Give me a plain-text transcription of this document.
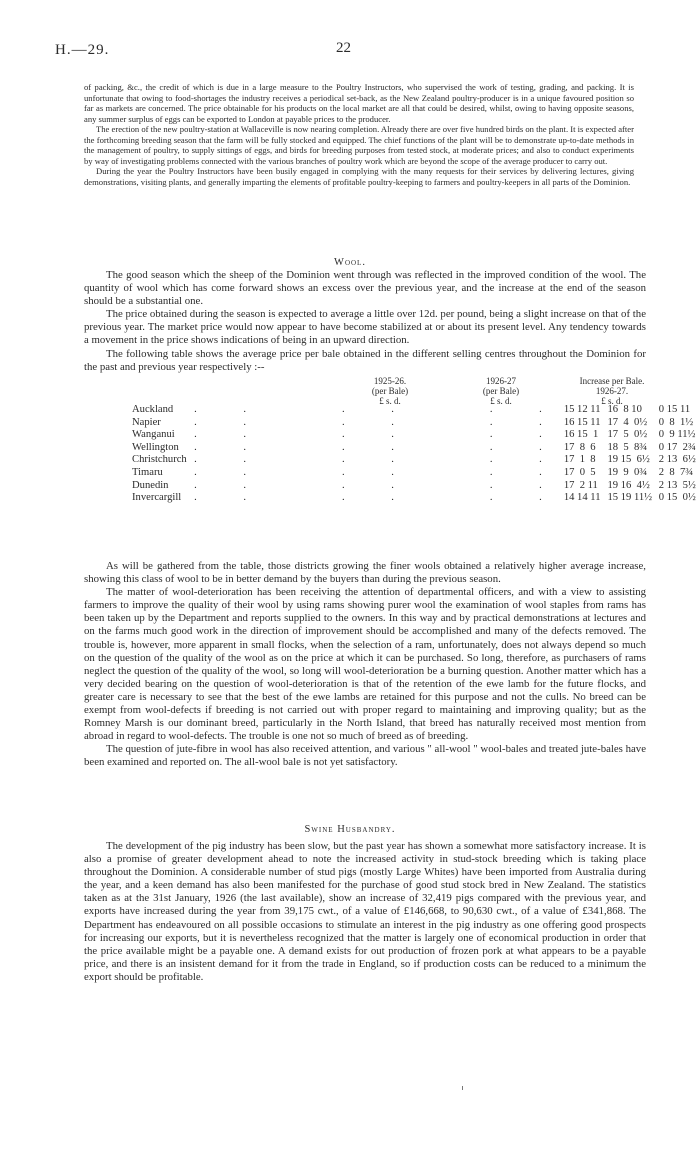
H.—29.	22

of packing, &c., the credit of which is due in a large measure to the Poultry Instructors, who supervised the work of testing, grading, and packing. It is unfortunate that owing to food-shortages the industry receives a periodical set-back, as the New Zealand poultry-producer is in a unique favoured position so far as markets are concerned. The price obtainable for his products on the local market are all that could be desired, whilst, owing to having opposite seasons, any summer surplus of eggs can be exported to London at payable prices to the producer.

The erection of the new poultry-station at Wallaceville is now nearing completion. Already there are over five hundred birds on the plant. It is expected after the forthcoming breeding season that the farm will be fully stocked and equipped. The chief functions of the plant will be to demonstrate up-to-date methods in the management of poultry, to supply sittings of eggs, and birds for breeding purposes from tested stock, at moderate prices; and also to conduct experiments by way of investigating problems connected with the various branches of poultry work which are beyond the scope of the average producer to carry out.

During the year the Poultry Instructors have been busily engaged in complying with the many requests for their services by delivering lectures, giving demonstrations, visiting plants, and generally imparting the elements of profitable poultry-keeping to farmers and poultry-keepers in all parts of the Dominion.

Wool.

The good season which the sheep of the Dominion went through was reflected in the improved condition of the wool. The quantity of wool which has come forward shows an excess over the previous year, and the increase at the end of the season should be a substantial one.

The price obtained during the season is expected to average a little over 12d. per pound, being a slight increase on that of the previous year. The market price would now appear to have become stabilized at or about its present level. Any tendency towards a movement in the price shows indications of being in an upward direction.

The following table shows the average price per bale obtained in the different selling centres throughout the Dominion for the past and previous year respectively :--

1925-26.
(per Bale)
£ s. d.
1926-27
(per Bale)
£ s. d.
Increase per Bale.
1926-27.
£ s. d.
Auckland	. .   . .   . .	15 12 11	16  8 10	0 15 11
Napier	. .   . .   . .	16 15 11	17  4  0½	0  8  1½
Wanganui	. .   . .   . .	16 15  1	17  5  0½	0  9 11½
Wellington	. .   . .   . .	17  8  6	18  5  8¾	0 17  2¾
Christchurch	. .   . .   . .	17  1  8	19 15  6½	2 13  6½
Timaru	. .   . .   . .	17  0  5	19  9  0¾	2  8  7¾
Dunedin	. .   . .   . .	17  2 11	19 16  4½	2 13  5½
Invercargill	. .   . .   . .	14 14 11	15 19 11½	0 15  0½

As will be gathered from the table, those districts growing the finer wools obtained a relatively higher average increase, showing this class of wool to be in better demand by the buyers than during the previous season.

The matter of wool-deterioration has been receiving the attention of departmental officers, and with a view to assisting farmers to improve the quality of their wool by using rams showing purer wool the examination of wool staples from rams has been taken up by the Department and reports supplied to the owners. In this way and by practical demonstrations at lectures and on the farms much good work in the direction of improvement should be accomplished and many of the defects removed. The trouble is, however, more apparent in small flocks, when the selection of a ram, unfortunately, does not always depend so much on the question of the quality of the wool as on the price at which it can be purchased. So long, therefore, as purchasers of rams neglect the question of the quality of the wool, so long will wool-deterioration be a burning question. Another matter which has a very decided bearing on the question of wool-deterioration is that of the retention of the ewe lamb for the future flocks, and greater care is necessary to see that the best of the ewe lambs are retained for this purpose and not the culls. No breed can be exempt from wool-defects if breeding is not carried out with proper regard to maintaining and improving quality; but as the Romney Marsh is our dominant breed, particularly in the North Island, that breed has naturally received most mention from abroad in regard to wool-defects. The trouble is one not so much of breed as of breeding.

The question of jute-fibre in wool has also received attention, and various " all-wool " wool-bales and treated jute-bales have been examined and reported on. The all-wool bale is not yet satisfactory.

Swine Husbandry.

The development of the pig industry has been slow, but the past year has shown a somewhat more satisfactory increase. It is also a promise of greater development ahead to note the increased activity in stud-stock breeding which is taking place throughout the Dominion. A considerable number of stud pigs (mostly Large Whites) have been imported from Australia during the year, and a keen demand has also been manifested for the purchase of good stud stock bred in New Zealand. The statistics taken as at the 31st January, 1926 (the last available), show an increase of 32,419 pigs compared with the previous year, and exports have increased during the year from 39,175 cwt., of a value of £146,668, to 90,630 cwt., of a value of £341,868. The Department has endeavoured on all possible occasions to stimulate an interest in the pig industry as one offering good prospects for increasing our exports, but it is nevertheless recognized that the matter is largely one of economical production in order that the price available might be a payable one. A demand exists for out production of frozen pork at what appears to be a payable price, and there is an insistent demand for it from the trade in England, so if production costs can be reduced to a minimum the export should be profitable.
